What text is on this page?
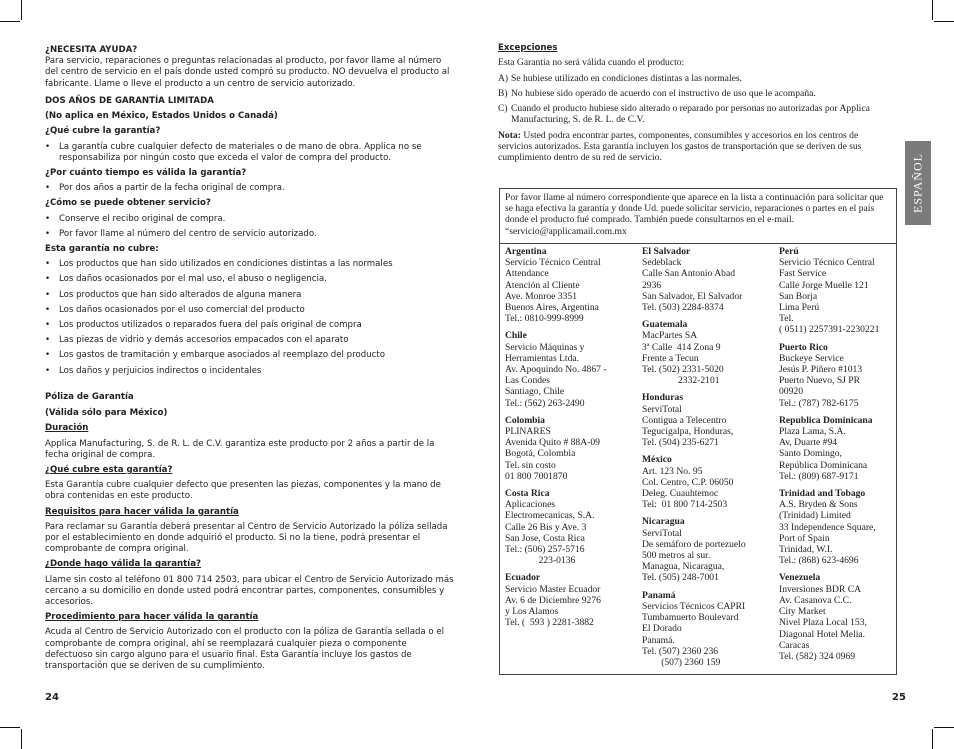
¿NECESITA AYUDA?
Para servicio, reparaciones o preguntas relacionadas al producto, por favor llame al número del centro de servicio en el país donde usted compró su producto. NO devuelva el producto al fabricante. Llame o lleve el producto a un centro de servicio autorizado.
DOS AÑOS DE GARANTÍA LIMITADA
(No aplica en México, Estados Unidos o Canadá)
¿Qué cubre la garantía?
• La garantía cubre cualquier defecto de materiales o de mano de obra. Applica no se responsabiliza por ningún costo que exceda el valor de compra del producto.
¿Por cuánto tiempo es válida la garantía?
• Por dos años a partir de la fecha original de compra.
¿Cómo se puede obtener servicio?
• Conserve el recibo original de compra.
• Por favor llame al número del centro de servicio autorizado.
Esta garantía no cubre:
• Los productos que han sido utilizados en condiciones distintas a las normales
• Los daños ocasionados por el mal uso, el abuso o negligencia.
• Los productos que han sido alterados de alguna manera
• Los daños ocasionados por el uso comercial del producto
• Los productos utilizados o reparados fuera del país original de compra
• Las piezas de vidrio y demás accesorios empacados con el aparato
• Los gastos de tramitación y embarque asociados al reemplazo del producto
• Los daños y perjuicios indirectos o incidentales
Póliza de Garantía
(Válida sólo para México)
Duración
Applica Manufacturing, S. de R. L. de C.V. garantiza este producto por 2 años a partir de la fecha original de compra.
¿Qué cubre esta garantía?
Esta Garantía cubre cualquier defecto que presenten las piezas, componentes y la mano de obra contenidas en este producto.
Requisitos para hacer válida la garantía
Para reclamar su Garantía deberá presentar al Centro de Servicio Autorizado la póliza sellada por el establecimiento en donde adquirió el producto. Si no la tiene, podrá presentar el comprobante de compra original.
¿Donde hago válida la garantía?
Llame sin costo al teléfono 01 800 714 2503, para ubicar el Centro de Servicio Autorizado más cercano a su domicilio en donde usted podrá encontrar partes, componentes, consumibles y accesorios.
Procedimiento para hacer válida la garantía
Acuda al Centro de Servicio Autorizado con el producto con la póliza de Garantía sellada o el comprobante de compra original, ahí se reemplazará cualquier pieza o componente defectuoso sin cargo alguno para el usuario final. Esta Garantía incluye los gastos de transportación que se deriven de su cumplimiento.
24
Excepciones
Esta Garantía no será válida cuando el producto:
A) Se hubiese utilizado en condiciones distintas a las normales.
B) No hubiese sido operado de acuerdo con el instructivo de uso que le acompaña.
C) Cuando el producto hubiese sido alterado o reparado por personas no autorizadas por Applica Manufacturing, S. de R. L. de C.V.
Nota: Usted podra encontrar partes, componentes, consumibles y accesorios en los centros de servicios autorizados. Esta garantía incluyen los gastos de transportación que se deriven de sus cumplimiento dentro de su red de servicio.	ESPAÑOL
Por favor llame al número correspondiente que aparece en la lista a continuación para solicitar que se haga efectiva la garantía y donde Ud. puede solicitar servicio, reparaciones o partes en el país donde el producto fué comprado. También puede consultarnos en el e-mail. “servicio@applicamail.com.mx
Argentina
Servicio Técnico Central
Attendance
Atención al Cliente
Ave. Monroe 3351
Buenos Aires, Argentina
Tel.: 0810-999-8999
Chile
Servicio Máquinas y
Herramientas Ltda.
Av. Apoquindo No. 4867 -
Las Condes
Santiago, Chile
Tel.: (562) 263-2490
Colombia
PLINARES
Avenida Quito # 88A-09
Bogotá, Colombia
Tel. sin costo
01 800 7001870
Costa Rica
Aplicaciones
Electromecanicas, S.A.
Calle 26 Bis y Ave. 3
San Jose, Costa Rica
Tel.: (506) 257-5716
223-0136
Ecuador
Servicio Master Ecuador
Av. 6 de Diciembre 9276
y Los Alamos
Tel. (  593 ) 2281-3882
El Salvador
Sedeblack
Calle San Antonio Abad
2936
San Salvador, El Salvador
Tel. (503) 2284-8374
Guatemala
MacPartes SA
3ª Calle  414 Zona 9
Frente a Tecun
Tel. (502) 2331-5020
2332-2101
Honduras
ServiTotal
Contigua a Telecentro
Tegucigalpa, Honduras,
Tel. (504) 235-6271
México
Art. 123 No. 95
Col. Centro, C.P. 06050
Deleg. Cuauhtemoc
Tel:  01 800 714-2503
Nicaragua
ServiTotal
De semáforo de portezuelo
500 metros al sur.
Managua, Nicaragua,
Tel. (505) 248-7001
Panamá
Servicios Técnicos CAPRI
Tumbamuerto Boulevard
El Dorado
Panamá.
Tel. (507) 2360 236
(507) 2360 159
Perú
Servicio Técnico Central
Fast Service
Calle Jorge Muelle 121
San Borja
Lima Perú
Tel.
( 0511) 2257391-2230221
Puerto Rico
Buckeye Service
Jesús P. Piñero #1013
Puerto Nuevo, SJ PR
00920
Tel.: (787) 782-6175
Republica Dominicana
Plaza Lama, S.A.
Av, Duarte #94
Santo Domingo,
República Dominicana
Tel.: (809) 687-9171
Trinidad and Tobago
A.S. Bryden & Sons
(Trinidad) Limited
33 Independence Square,
Port of Spain
Trinidad, W.I.
Tel.: (868) 623-4696
Venezuela
Inversiones BDR CA
Av. Casanova C.C.
City Market
Nivel Plaza Local 153,
Diagonal Hotel Melia.
Caracas
Tel. (582) 324 0969
25
